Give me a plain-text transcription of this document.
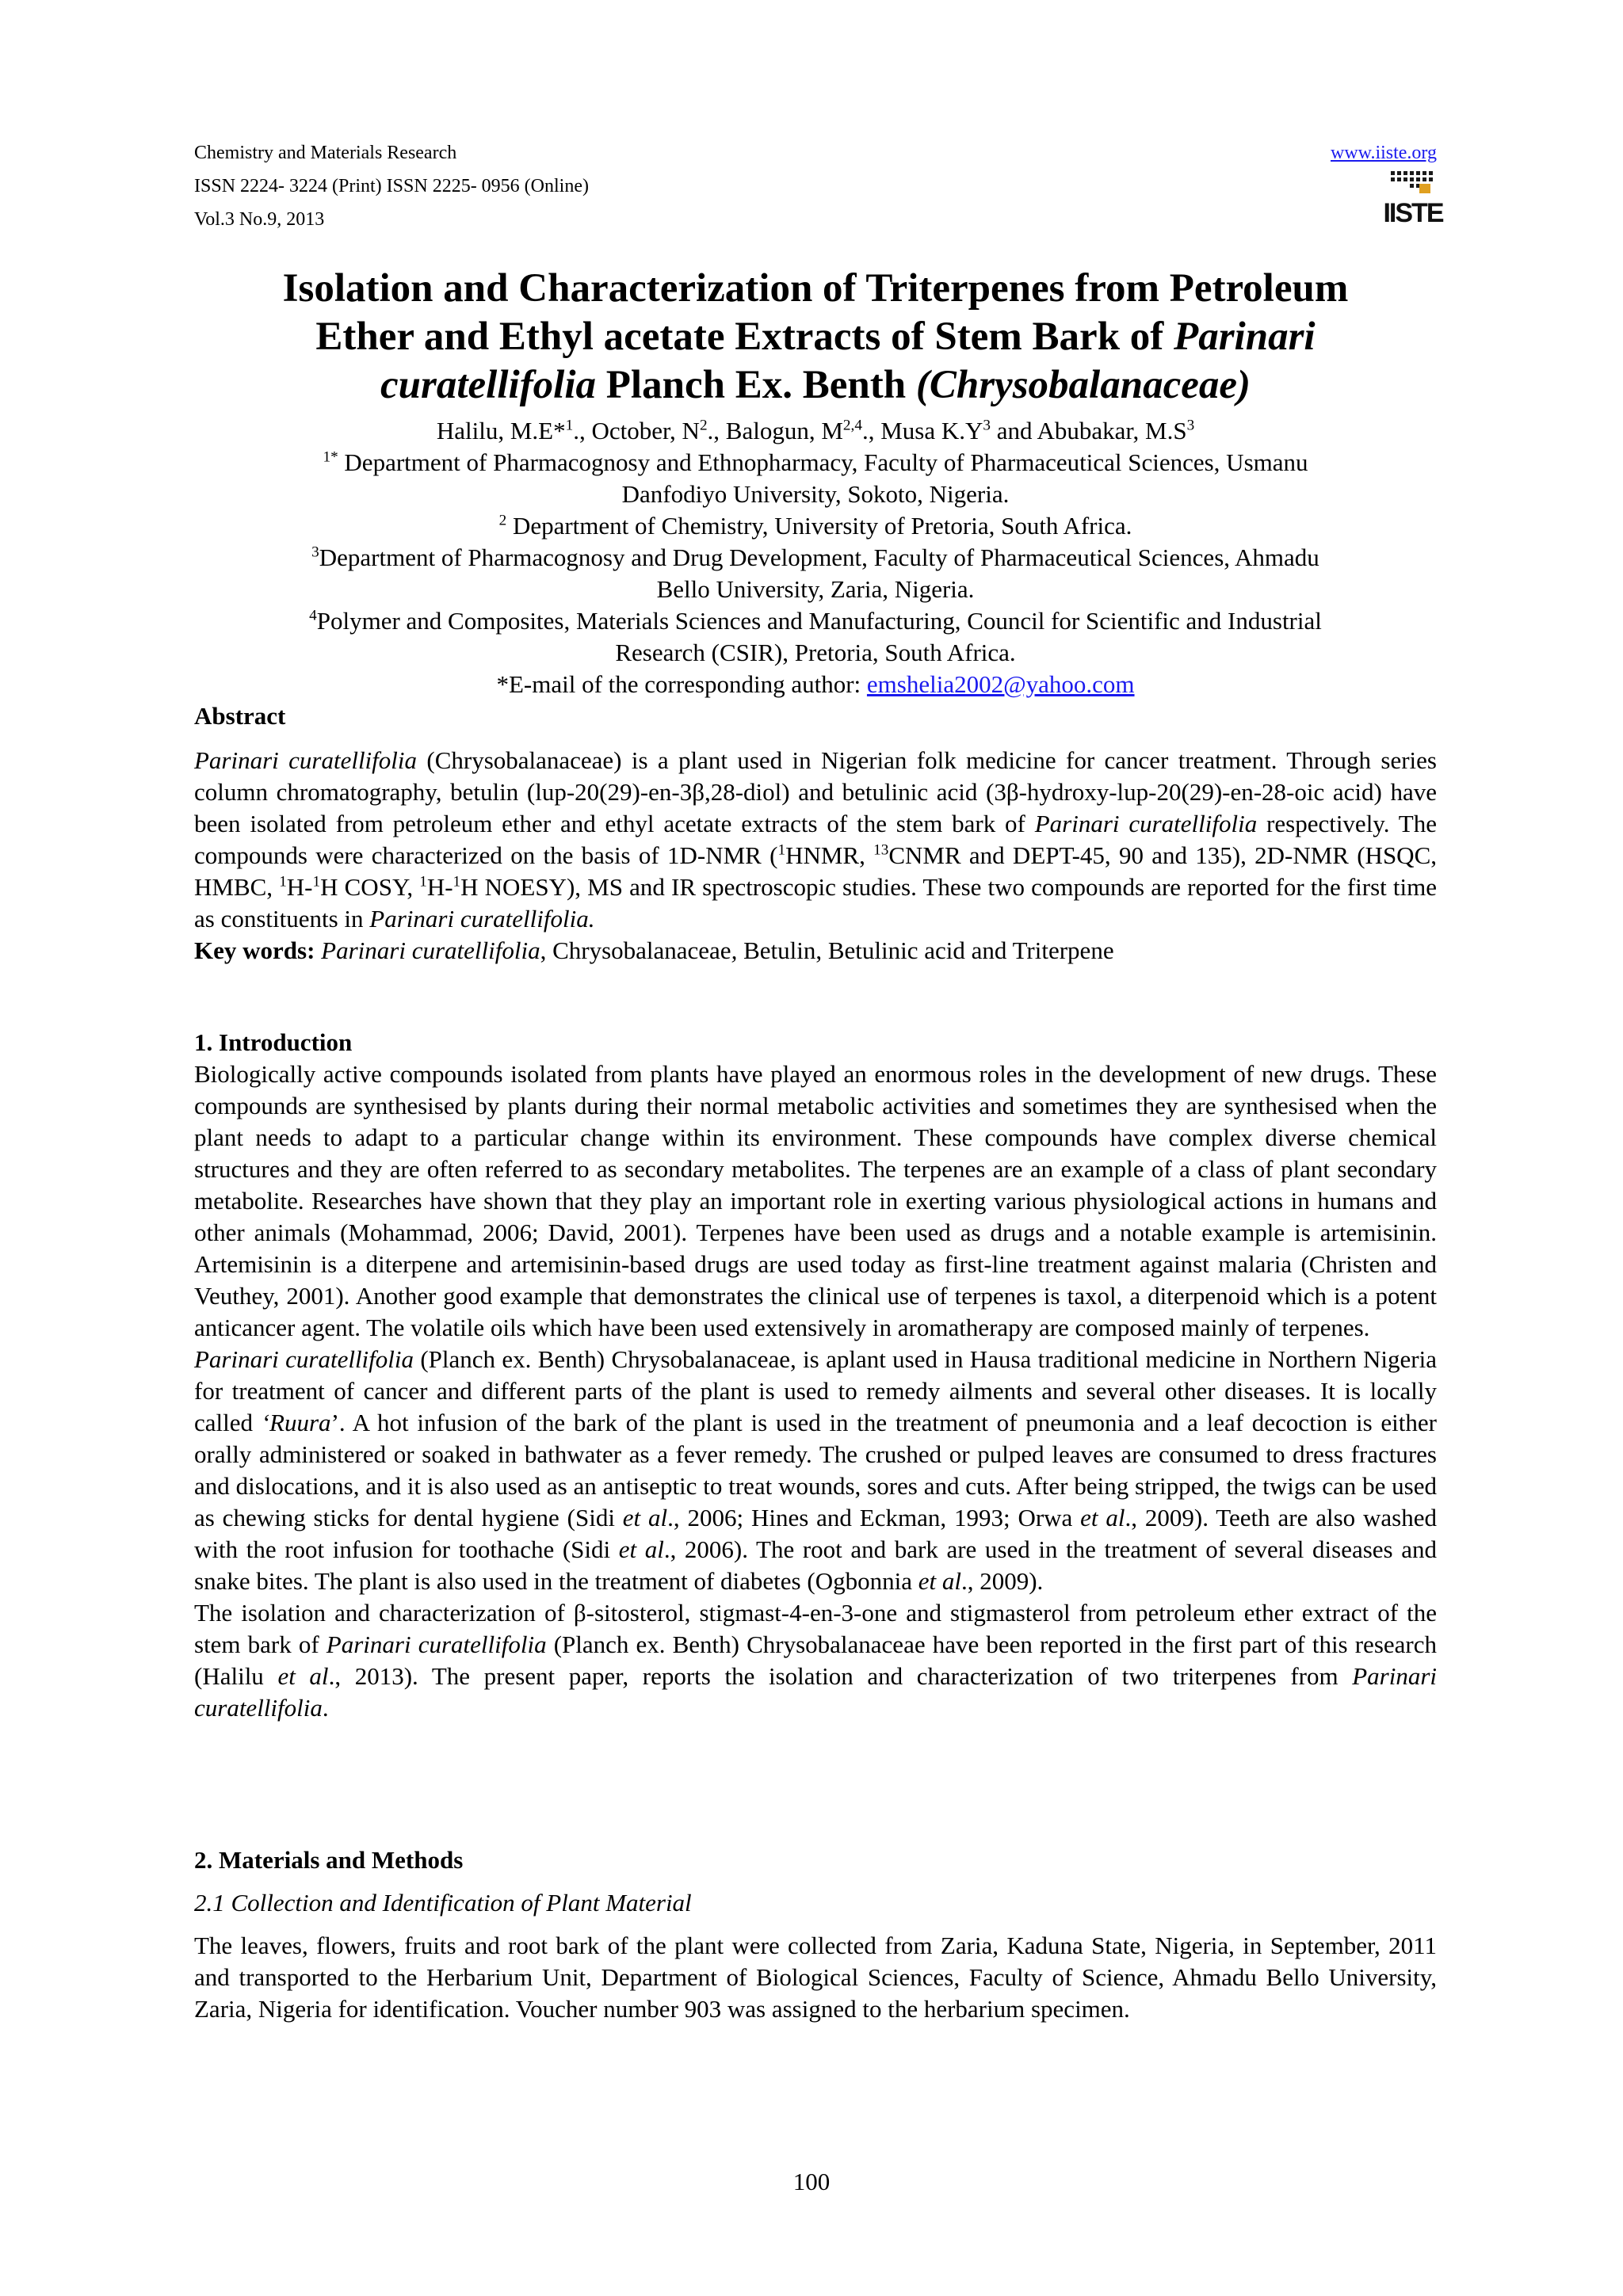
Chemistry and Materials Research
ISSN 2224- 3224 (Print) ISSN 2225- 0956 (Online)
Vol.3 No.9, 2013
www.iiste.org
IISTE
Isolation and Characterization of Triterpenes from Petroleum
Ether and Ethyl acetate Extracts of Stem Bark of Parinari
curatellifolia Planch Ex. Benth (Chrysobalanaceae)

Halilu, M.E*$^1$., October, $N^2$., Balogun, M$^{2,4}$., Musa $K.Y^3$ and Abubakar, $M.S^3$

$^{1*}$ Department of Pharmacognosy and Ethnopharmacy, Faculty of Pharmaceutical Sciences, Usmanu

Danfodiyo University, Sokoto, Nigeria.

$^2$ Department of Chemistry, University of Pretoria, South Africa.

$^3$Department of Pharmacognosy and Drug Development, Faculty of Pharmaceutical Sciences, Ahmadu

Bello University, Zaria, Nigeria.

$^4$Polymer and Composites, Materials Sciences and Manufacturing, Council for Scientific and Industrial

Research (CSIR), Pretoria, South Africa.

*E-mail of the corresponding author: emshelia2002@yahoo.com

Abstract

Parinari curatellifolia (Chrysobalanaceae) is a plant used in Nigerian folk medicine for cancer treatment. Through series column chromatography, betulin (lup-20(29)-en-3β,28-diol) and betulinic acid (3β-hydroxy-lup-20(29)-en-28-oic acid) have been isolated from petroleum ether and ethyl acetate extracts of the stem bark of Parinari curatellifolia respectively. The compounds were characterized on the basis of 1D-NMR ($^1$HNMR, $^{13}$CNMR and DEPT-45, 90 and 135), 2D-NMR (HSQC, HMBC, $^1$H-$^1$H COSY, $^1$H-$^1$H NOESY), MS and IR spectroscopic studies. These two compounds are reported for the first time as constituents in Parinari curatellifolia.

Key words: Parinari curatellifolia, Chrysobalanaceae, Betulin, Betulinic acid and Triterpene

1. Introduction

Biologically active compounds isolated from plants have played an enormous roles in the development of new drugs. These compounds are synthesised by plants during their normal metabolic activities and sometimes they are synthesised when the plant needs to adapt to a particular change within its environment. These compounds have complex diverse chemical structures and they are often referred to as secondary metabolites. The terpenes are an example of a class of plant secondary metabolite. Researches have shown that they play an important role in exerting various physiological actions in humans and other animals (Mohammad, 2006; David, 2001). Terpenes have been used as drugs and a notable example is artemisinin. Artemisinin is a diterpene and artemisinin-based drugs are used today as first-line treatment against malaria (Christen and Veuthey, 2001). Another good example that demonstrates the clinical use of terpenes is taxol, a diterpenoid which is a potent anticancer agent. The volatile oils which have been used extensively in aromatherapy are composed mainly of terpenes.

Parinari curatellifolia (Planch ex. Benth) Chrysobalanaceae, is aplant used in Hausa traditional medicine in Northern Nigeria for treatment of cancer and different parts of the plant is used to remedy ailments and several other diseases. It is locally called ‘Ruura’. A hot infusion of the bark of the plant is used in the treatment of pneumonia and a leaf decoction is either orally administered or soaked in bathwater as a fever remedy. The crushed or pulped leaves are consumed to dress fractures and dislocations, and it is also used as an antiseptic to treat wounds, sores and cuts. After being stripped, the twigs can be used as chewing sticks for dental hygiene (Sidi et al., 2006; Hines and Eckman, 1993; Orwa et al., 2009). Teeth are also washed with the root infusion for toothache (Sidi et al., 2006). The root and bark are used in the treatment of several diseases and snake bites. The plant is also used in the treatment of diabetes (Ogbonnia et al., 2009).

The isolation and characterization of β-sitosterol, stigmast-4-en-3-one and stigmasterol from petroleum ether extract of the stem bark of Parinari curatellifolia (Planch ex. Benth) Chrysobalanaceae have been reported in the first part of this research (Halilu et al., 2013). The present paper, reports the isolation and characterization of two triterpenes from Parinari curatellifolia.

2. Materials and Methods

2.1 Collection and Identification of Plant Material

The leaves, flowers, fruits and root bark of the plant were collected from Zaria, Kaduna State, Nigeria, in September, 2011 and transported to the Herbarium Unit, Department of Biological Sciences, Faculty of Science, Ahmadu Bello University, Zaria, Nigeria for identification. Voucher number 903 was assigned to the herbarium specimen.

100
